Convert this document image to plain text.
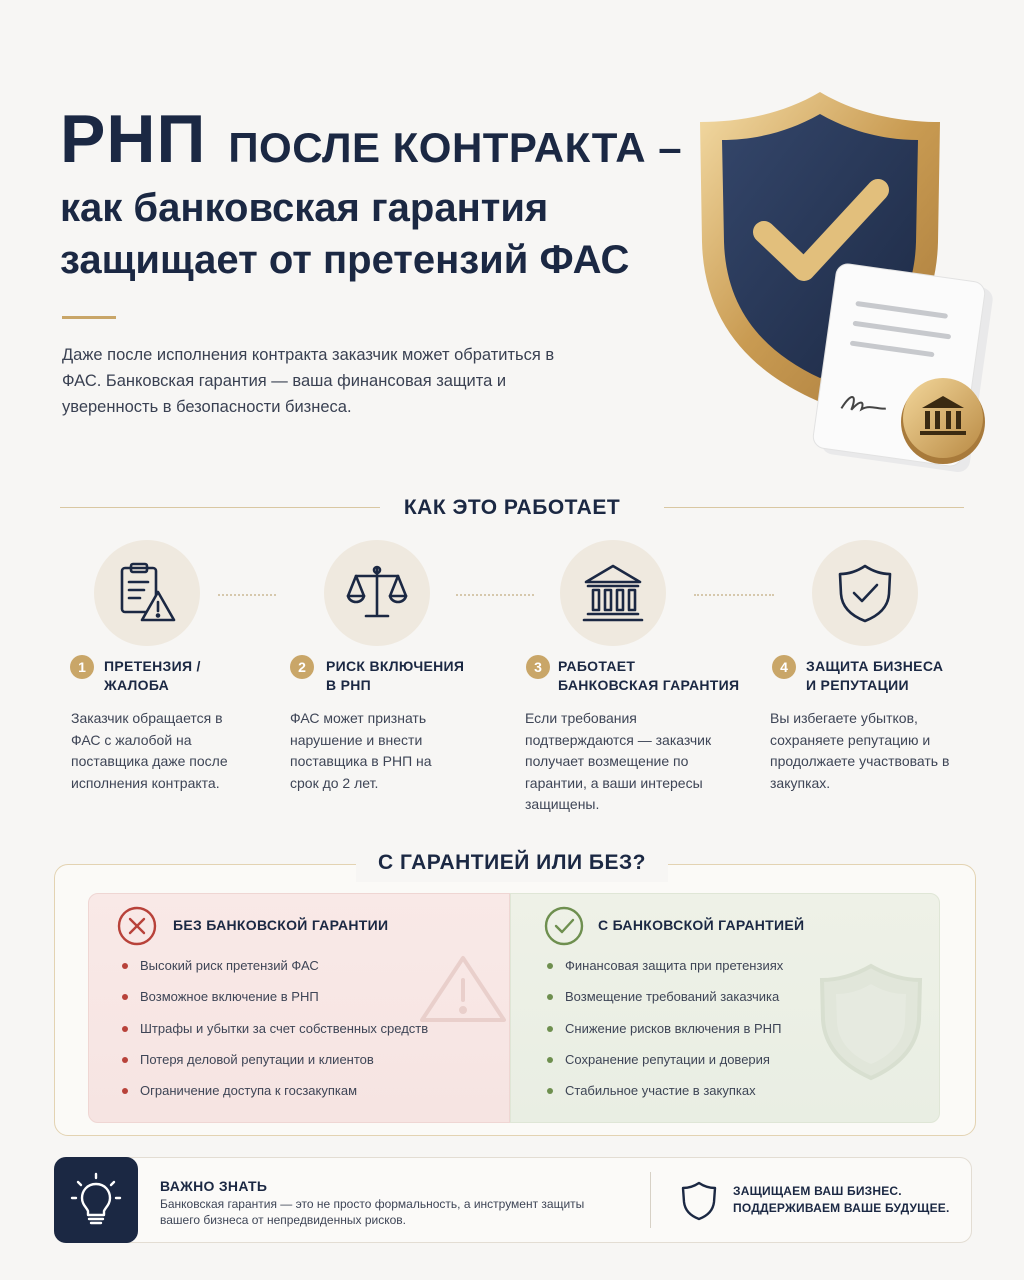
РНП ПОСЛЕ КОНТРАКТА –
как банковская гарантия
защищает от претензий ФАС
Даже после исполнения контракта заказчик может обратиться в ФАС. Банковская гарантия — ваша финансовая защита и уверенность в безопасности бизнеса.
КАК ЭТО РАБОТАЕТ
1	ПРЕТЕНЗИЯ /
ЖАЛОБА
Заказчик обращается в ФАС с жалобой на поставщика даже после исполнения контракта.
2	РИСК ВКЛЮЧЕНИЯ
В РНП
ФАС может признать нарушение и внести поставщика в РНП на срок до 2 лет.
3	РАБОТАЕТ
БАНКОВСКАЯ ГАРАНТИЯ
Если требования подтверждаются — заказчик получает возмещение по гарантии, а ваши интересы защищены.
4	ЗАЩИТА БИЗНЕСА
И РЕПУТАЦИИ
Вы избегаете убытков, сохраняете репутацию и продолжаете участвовать в закупках.
С ГАРАНТИЕЙ ИЛИ БЕЗ?
БЕЗ БАНКОВСКОЙ ГАРАНТИИ
Высокий риск претензий ФАС
Возможное включение в РНП
Штрафы и убытки за счет собственных средств
Потеря деловой репутации и клиентов
Ограничение доступа к госзакупкам
С БАНКОВСКОЙ ГАРАНТИЕЙ
Финансовая защита при претензиях
Возмещение требований заказчика
Снижение рисков включения в РНП
Сохранение репутации и доверия
Стабильное участие в закупках
ВАЖНО ЗНАТЬ
Банковская гарантия — это не просто формальность, а инструмент защиты вашего бизнеса от непредвиденных рисков.
ЗАЩИЩАЕМ ВАШ БИЗНЕС.
ПОДДЕРЖИВАЕМ ВАШЕ БУДУЩЕЕ.
